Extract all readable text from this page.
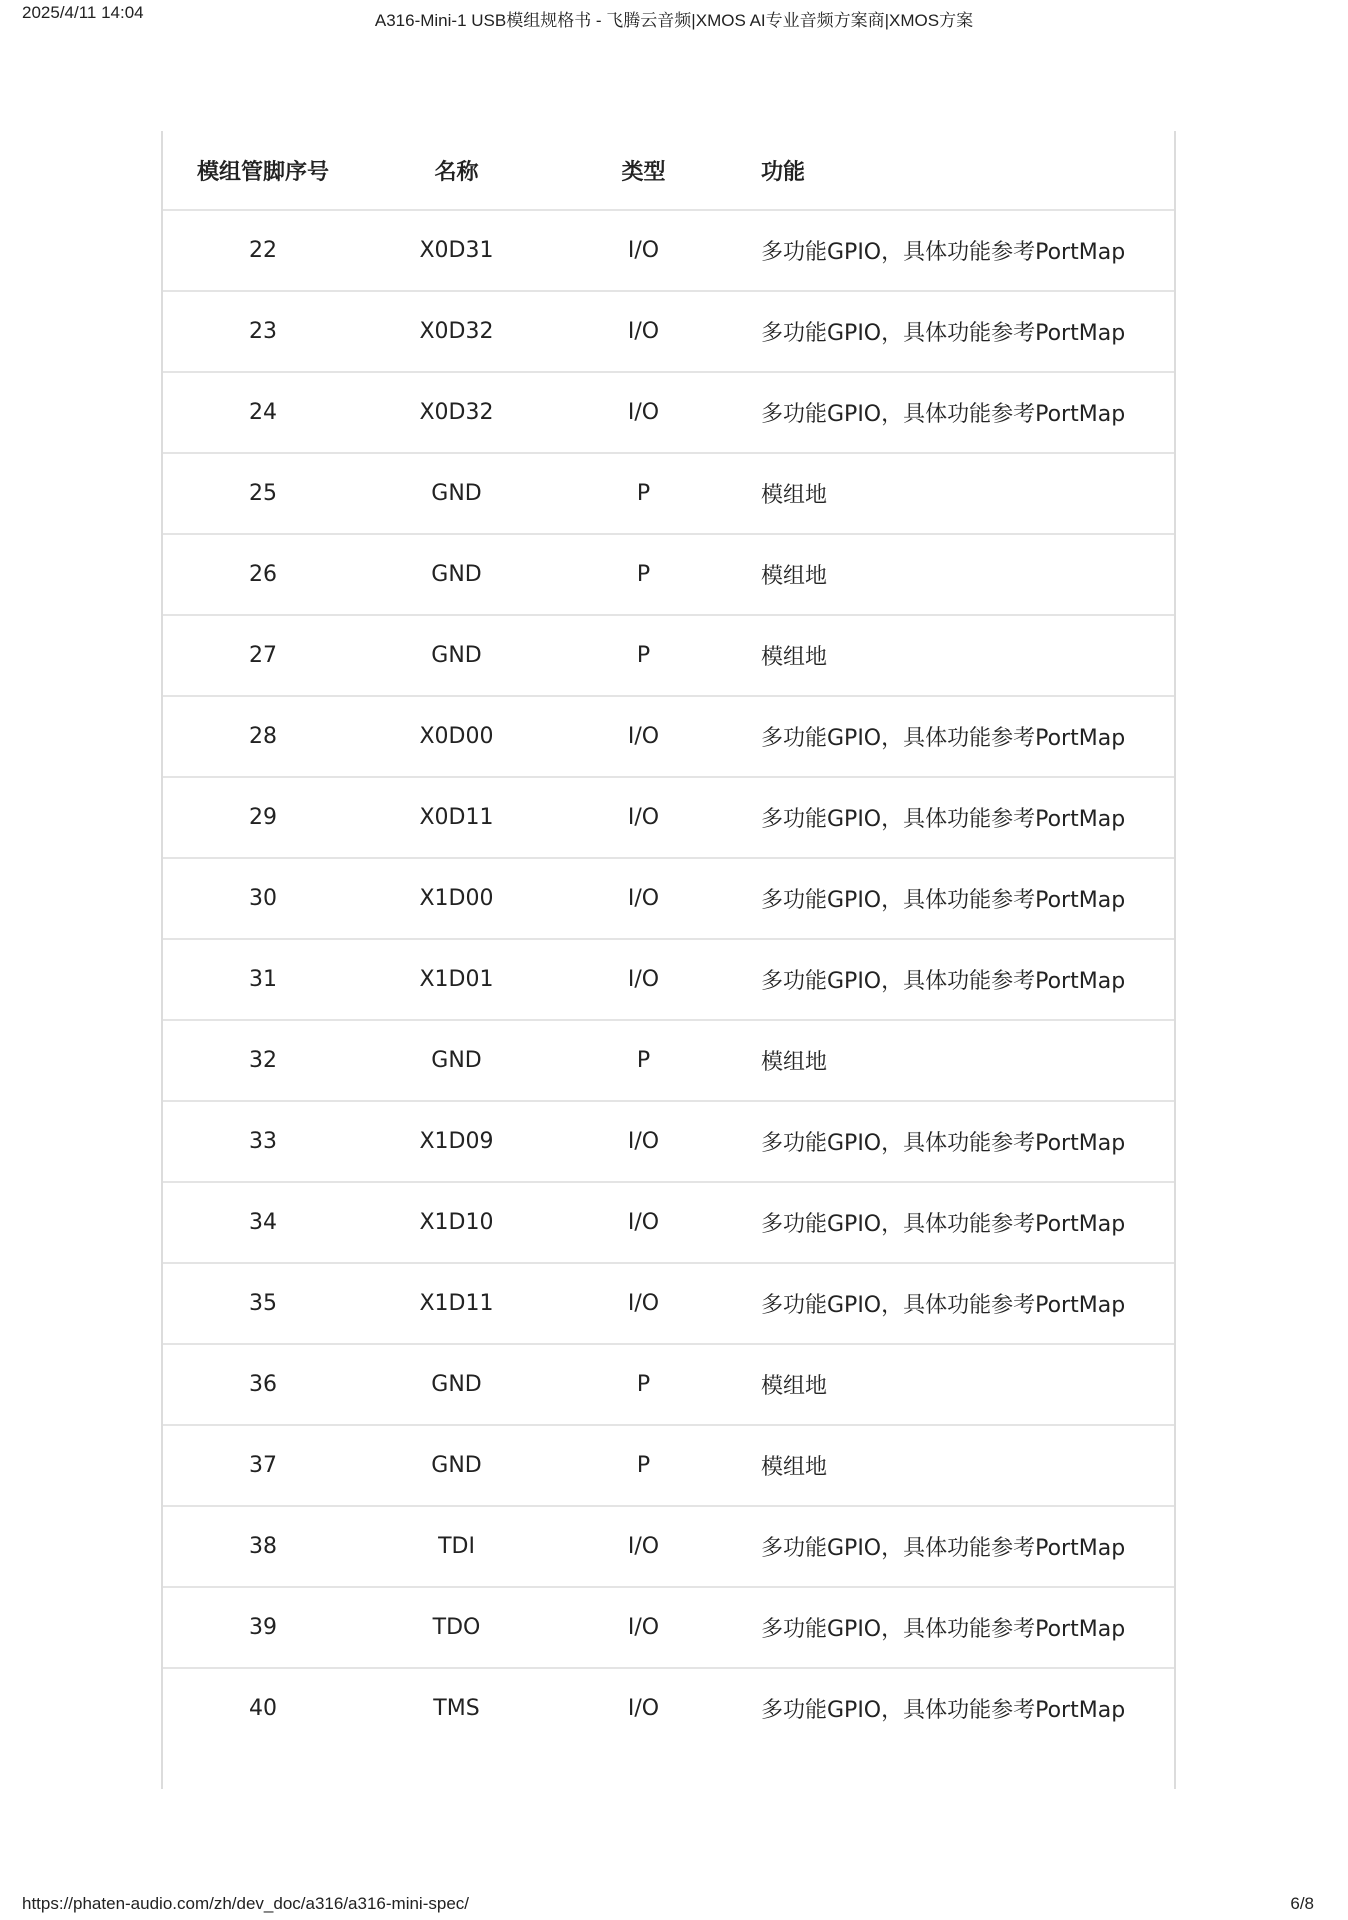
2025/4/11 14:04	A316-Mini-1 USB模组规格书 - 飞腾云音频|XMOS AI专业音频方案商|XMOS方案
模组管脚序号	名称	类型	功能
22	X0D31	I/O	多功能GPIO，具体功能参考PortMap
23	X0D32	I/O	多功能GPIO，具体功能参考PortMap
24	X0D32	I/O	多功能GPIO，具体功能参考PortMap
25	GND	P	模组地
26	GND	P	模组地
27	GND	P	模组地
28	X0D00	I/O	多功能GPIO，具体功能参考PortMap
29	X0D11	I/O	多功能GPIO，具体功能参考PortMap
30	X1D00	I/O	多功能GPIO，具体功能参考PortMap
31	X1D01	I/O	多功能GPIO，具体功能参考PortMap
32	GND	P	模组地
33	X1D09	I/O	多功能GPIO，具体功能参考PortMap
34	X1D10	I/O	多功能GPIO，具体功能参考PortMap
35	X1D11	I/O	多功能GPIO，具体功能参考PortMap
36	GND	P	模组地
37	GND	P	模组地
38	TDI	I/O	多功能GPIO，具体功能参考PortMap
39	TDO	I/O	多功能GPIO，具体功能参考PortMap
40	TMS	I/O	多功能GPIO，具体功能参考PortMap
https://phaten-audio.com/zh/dev_doc/a316/a316-mini-spec/	6/8
